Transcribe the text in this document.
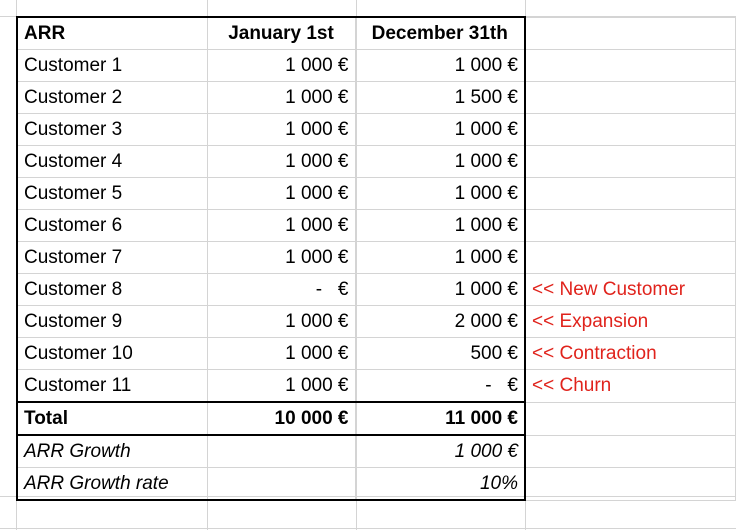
ARR	January 1st	December 31th	
Customer 1	1 000 €	1 000 €	
Customer 2	1 000 €	1 500 €	
Customer 3	1 000 €	1 000 €	
Customer 4	1 000 €	1 000 €	
Customer 5	1 000 €	1 000 €	
Customer 6	1 000 €	1 000 €	
Customer 7	1 000 €	1 000 €	
Customer 8	-   €	1 000 €	<< New Customer
Customer 9	1 000 €	2 000 €	<< Expansion
Customer 10	1 000 €	500 €	<< Contraction
Customer 11	1 000 €	-   €	<< Churn
Total	10 000 €	11 000 €	
ARR Growth		1 000 €	
ARR Growth rate		10%	
